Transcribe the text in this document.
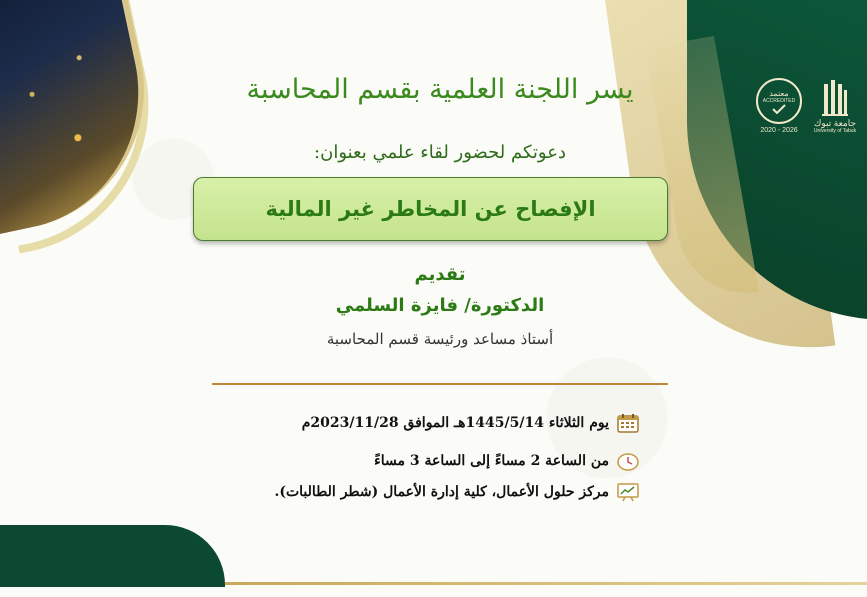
جامعة تبوك
University of Tabuk
معتمد
ACCREDITED
2020 - 2026
يسر اللجنة العلمية بقسم المحاسبة
دعوتكم لحضور لقاء علمي بعنوان:
الإفصاح عن المخاطر غير المالية
تقديم
الدكتورة/ فايزة السلمي
أستاذ مساعد ورئيسة قسم المحاسبة
يوم الثلاثاء 1445/5/14هـ الموافق 2023/11/28م
من الساعة 2 مساءً إلى الساعة 3 مساءً
مركز حلول الأعمال، كلية إدارة الأعمال (شطر الطالبات).
